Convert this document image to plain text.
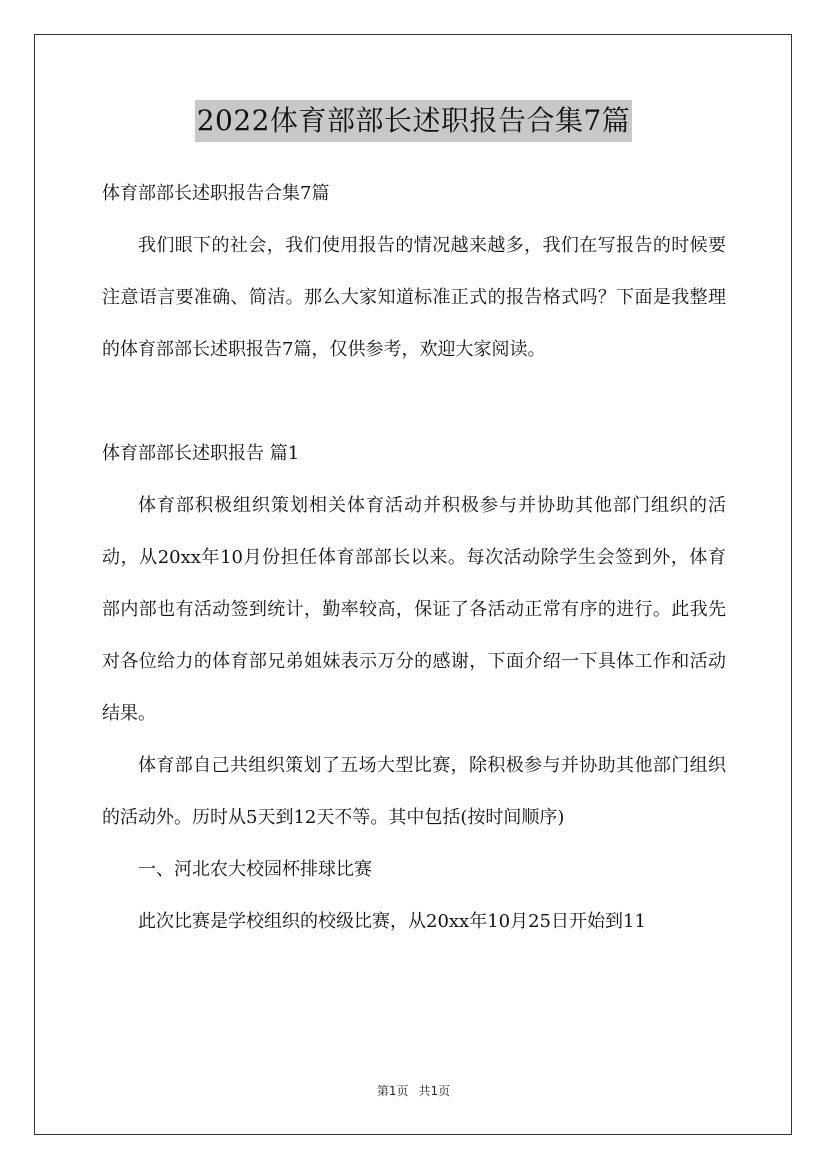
2022体育部部长述职报告合集7篇

体育部部长述职报告合集7篇

我们眼下的社会，我们使用报告的情况越来越多，我们在写报告的时候要注意语言要准确、简洁。那么大家知道标准正式的报告格式吗？下面是我整理的体育部部长述职报告7篇，仅供参考，欢迎大家阅读。

体育部部长述职报告 篇1

体育部积极组织策划相关体育活动并积极参与并协助其他部门组织的活动，从20xx年10月份担任体育部部长以来。每次活动除学生会签到外，体育部内部也有活动签到统计，勤率较高，保证了各活动正常有序的进行。此我先对各位给力的体育部兄弟姐妹表示万分的感谢，下面介绍一下具体工作和活动结果。

体育部自己共组织策划了五场大型比赛，除积极参与并协助其他部门组织的活动外。历时从5天到12天不等。其中包括(按时间顺序)

一、河北农大校园杯排球比赛

此次比赛是学校组织的校级比赛，从20xx年10月25日开始到11

第1页 共1页
